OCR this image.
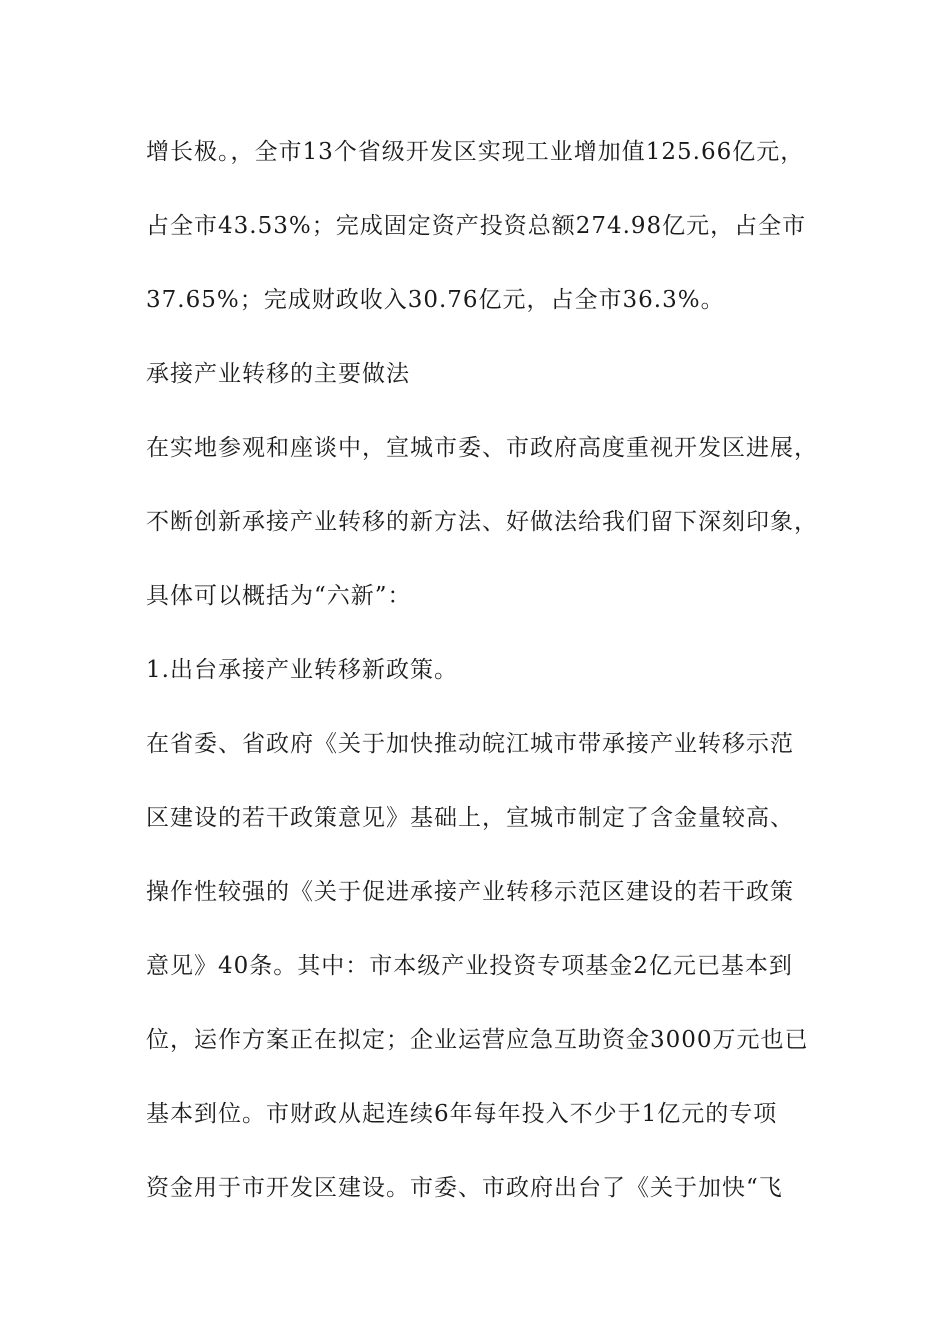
增长极。，全市13个省级开发区实现工业增加值125.66亿元，
占全市43.53%；完成固定资产投资总额274.98亿元，占全市
37.65%；完成财政收入30.76亿元，占全市36.3%。
承接产业转移的主要做法
在实地参观和座谈中，宣城市委、市政府高度重视开发区进展，
不断创新承接产业转移的新方法、好做法给我们留下深刻印象，
具体可以概括为“六新”：
1.出台承接产业转移新政策。
在省委、省政府《关于加快推动皖江城市带承接产业转移示范
区建设的若干政策意见》基础上，宣城市制定了含金量较高、
操作性较强的《关于促进承接产业转移示范区建设的若干政策
意见》40条。其中：市本级产业投资专项基金2亿元已基本到
位，运作方案正在拟定；企业运营应急互助资金3000万元也已
基本到位。市财政从起连续6年每年投入不少于1亿元的专项
资金用于市开发区建设。市委、市政府出台了《关于加快“飞
